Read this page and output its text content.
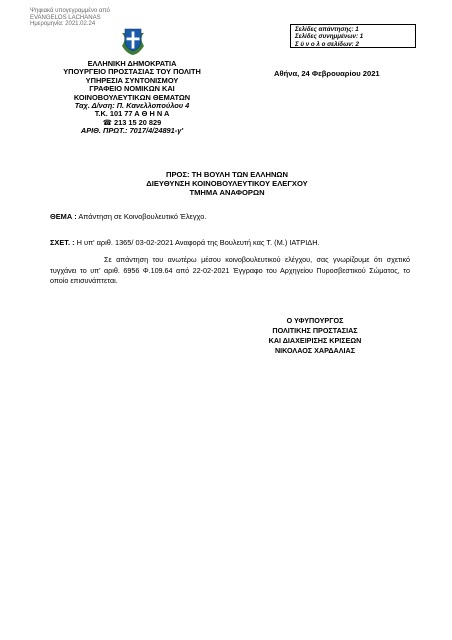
Ψηφιακά υπογεγραμμένο από
EVANGELOS LACHANAS
Ημερομηνία: 2021.02.24
Σελίδες απάντησης: 1
Σελίδες συνημμένων: 1
Σ ύ ν ο λ ο σελίδων: 2
ΕΛΛΗΝΙΚΗ ΔΗΜΟΚΡΑΤΙΑ
ΥΠΟΥΡΓΕΙΟ ΠΡΟΣΤΑΣΙΑΣ ΤΟΥ ΠΟΛΙΤΗ
ΥΠΗΡΕΣΙΑ ΣΥΝΤΟΝΙΣΜΟΥ
ΓΡΑΦΕΙΟ ΝΟΜΙΚΩΝ ΚΑΙ
ΚΟΙΝΟΒΟΥΛΕΥΤΙΚΩΝ ΘΕΜΑΤΩΝ
Ταχ. Δ/νση: Π. Κανελλοπούλου 4
Τ.Κ. 101 77 Α Θ Η Ν Α
☎ 213 15 20 829
ΑΡΙΘ. ΠΡΩΤ.: 7017/4/24891-γ'
Αθήνα, 24 Φεβρουαρίου 2021
ΠΡΟΣ: ΤΗ ΒΟΥΛΗ ΤΩΝ ΕΛΛΗΝΩΝ
ΔΙΕΥΘΥΝΣΗ ΚΟΙΝΟΒΟΥΛΕΥΤΙΚΟΥ ΕΛΕΓΧΟΥ
ΤΜΗΜΑ ΑΝΑΦΟΡΩΝ
ΘΕΜΑ : Απάντηση σε Κοινοβουλευτικό Έλεγχο.
ΣΧΕΤ. : Η υπ' αριθ. 1365/ 03-02-2021 Αναφορά της Βουλευτή κας Τ. (Μ.) ΙΑΤΡΙΔΗ.

Σε απάντηση του ανωτέρω μέσου κοινοβουλευτικού ελέγχου, σας γνωρίζουμε ότι σχετικό τυγχάνει το υπ' αριθ. 6956 Φ.109.64 από 22-02-2021 Έγγραφο του Αρχηγείου Πυροσβεστικού Σώματος, το οποίο επισυνάπτεται.

Ο ΥΦΥΠΟΥΡΓΟΣ
ΠΟΛΙΤΙΚΗΣ ΠΡΟΣΤΑΣΙΑΣ
ΚΑΙ ΔΙΑΧΕΙΡΙΣΗΣ ΚΡΙΣΕΩΝ
ΝΙΚΟΛΑΟΣ ΧΑΡΔΑΛΙΑΣ
